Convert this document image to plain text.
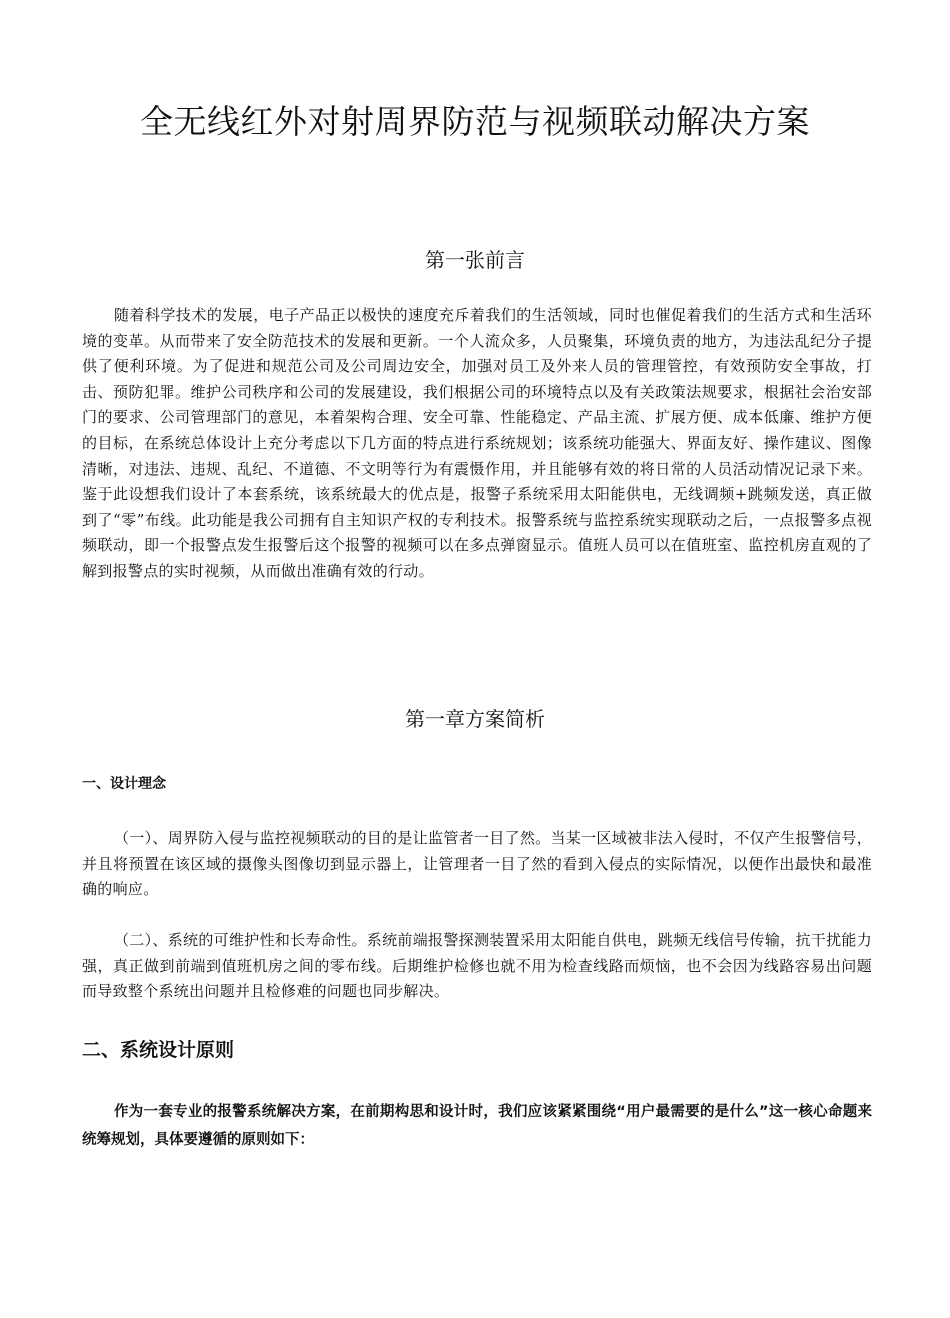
全无线红外对射周界防范与视频联动解决方案
第一张前言

随着科学技术的发展，电子产品正以极快的速度充斥着我们的生活领域，同时也催促着我们的生活方式和生活环境的变革。从而带来了安全防范技术的发展和更新。一个人流众多，人员聚集，环境负责的地方，为违法乱纪分子提供了便利环境。为了促进和规范公司及公司周边安全，加强对员工及外来人员的管理管控，有效预防安全事故，打击、预防犯罪。维护公司秩序和公司的发展建设，我们根据公司的环境特点以及有关政策法规要求，根据社会治安部门的要求、公司管理部门的意见，本着架构合理、安全可靠、性能稳定、产品主流、扩展方便、成本低廉、维护方便的目标，在系统总体设计上充分考虑以下几方面的特点进行系统规划；该系统功能强大、界面友好、操作建议、图像清晰，对违法、违规、乱纪、不道德、不文明等行为有震慑作用，并且能够有效的将日常的人员活动情况记录下来。鉴于此设想我们设计了本套系统，该系统最大的优点是，报警子系统采用太阳能供电，无线调频+跳频发送，真正做到了“零”布线。此功能是我公司拥有自主知识产权的专利技术。报警系统与监控系统实现联动之后，一点报警多点视频联动，即一个报警点发生报警后这个报警的视频可以在多点弹窗显示。值班人员可以在值班室、监控机房直观的了解到报警点的实时视频，从而做出准确有效的行动。

第一章方案简析
一、设计理念

（一）、周界防入侵与监控视频联动的目的是让监管者一目了然。当某一区域被非法入侵时，不仅产生报警信号，并且将预置在该区域的摄像头图像切到显示器上，让管理者一目了然的看到入侵点的实际情况，以便作出最快和最准确的响应。

（二）、系统的可维护性和长寿命性。系统前端报警探测装置采用太阳能自供电，跳频无线信号传输，抗干扰能力强，真正做到前端到值班机房之间的零布线。后期维护检修也就不用为检查线路而烦恼，也不会因为线路容易出问题而导致整个系统出问题并且检修难的问题也同步解决。

二、系统设计原则

作为一套专业的报警系统解决方案，在前期构思和设计时，我们应该紧紧围绕“用户最需要的是什么”这一核心命题来统筹规划，具体要遵循的原则如下：
